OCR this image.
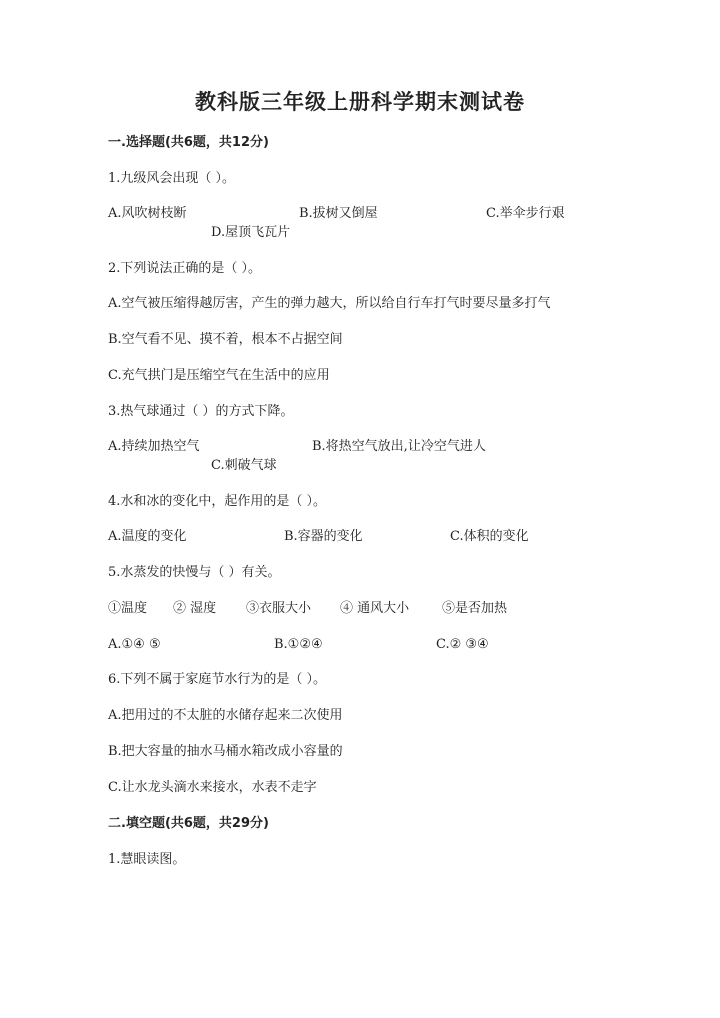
教科版三年级上册科学期末测试卷
一.选择题(共6题，共12分)
1.九级风会出现（ ）。
A.风吹树枝断	B.拔树又倒屋	C.举伞步行艰
D.屋顶飞瓦片
2.下列说法正确的是（ ）。
A.空气被压缩得越厉害，产生的弹力越大，所以给自行车打气时要尽量多打气
B.空气看不见、摸不着，根本不占据空间
C.充气拱门是压缩空气在生活中的应用
3.热气球通过（ ）的方式下降。
A.持续加热空气	B.将热空气放出,让冷空气进人
C.刺破气球
4.水和冰的变化中，起作用的是（ ）。
A.温度的变化	B.容器的变化	C.体积的变化
5.水蒸发的快慢与（ ）有关。
①温度 ② 湿度 ③衣服大小 ④ 通风大小	⑤是否加热
A.①④ ⑤	B.①②④	C.② ③④
6.下列不属于家庭节水行为的是（ ）。
A.把用过的不太脏的水储存起来二次使用
B.把大容量的抽水马桶水箱改成小容量的
C.让水龙头滴水来接水，水表不走字
二.填空题(共6题，共29分)
1.慧眼读图。
